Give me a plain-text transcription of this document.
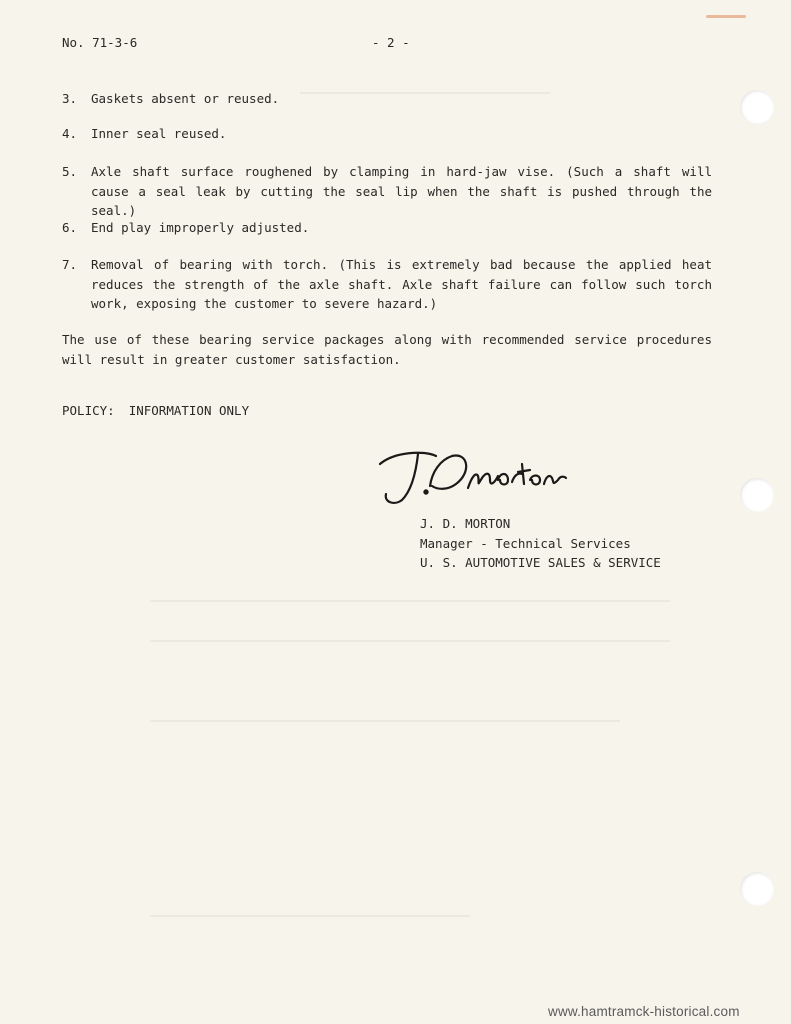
No. 71-3-6	- 2 -
3. Gaskets absent or reused.
4. Inner seal reused.
5. Axle shaft surface roughened by clamping in hard-jaw vise. (Such a shaft will cause a seal leak by cutting the seal lip when the shaft is pushed through the seal.)
6. End play improperly adjusted.
7. Removal of bearing with torch. (This is extremely bad because the applied heat reduces the strength of the axle shaft. Axle shaft failure can follow such torch work, exposing the customer to severe hazard.)
The use of these bearing service packages along with recommended service procedures will result in greater customer satisfaction.
POLICY: INFORMATION ONLY
J. D. MORTON
Manager - Technical Services
U. S. AUTOMOTIVE SALES & SERVICE
www.hamtramck-historical.com
